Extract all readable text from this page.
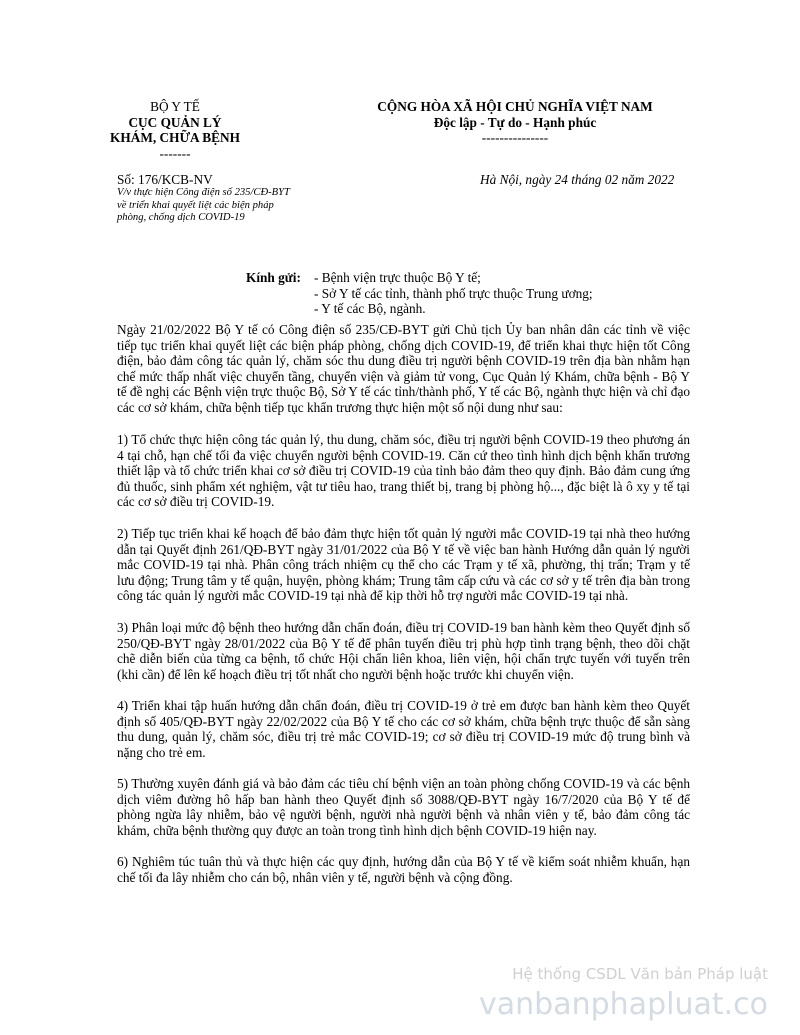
BỘ Y TẾ
CỤC QUẢN LÝ
KHÁM, CHỮA BỆNH
-------
CỘNG HÒA XÃ HỘI CHỦ NGHĨA VIỆT NAM
Độc lập - Tự do - Hạnh phúc
---------------
Số: 176/KCB-NV
V/v thực hiện Công điện số 235/CĐ-BYT
về triển khai quyết liệt các biện pháp
phòng, chống dịch COVID-19
Hà Nội, ngày 24 tháng 02 năm 2022
Kính gửi: - Bệnh viện trực thuộc Bộ Y tế;
- Sở Y tế các tỉnh, thành phố trực thuộc Trung ương;
- Y tế các Bộ, ngành.

Ngày 21/02/2022 Bộ Y tế có Công điện số 235/CĐ-BYT gửi Chủ tịch Ủy ban nhân dân các tỉnh về việc tiếp tục triển khai quyết liệt các biện pháp phòng, chống dịch COVID-19, để triển khai thực hiện tốt Công điện, bảo đảm công tác quản lý, chăm sóc thu dung điều trị người bệnh COVID-19 trên địa bàn nhằm hạn chế mức thấp nhất việc chuyển tầng, chuyển viện và giảm tử vong, Cục Quản lý Khám, chữa bệnh - Bộ Y tế đề nghị các Bệnh viện trực thuộc Bộ, Sở Y tế các tỉnh/thành phố, Y tế các Bộ, ngành thực hiện và chỉ đạo các cơ sở khám, chữa bệnh tiếp tục khẩn trương thực hiện một số nội dung như sau:

1) Tổ chức thực hiện công tác quản lý, thu dung, chăm sóc, điều trị người bệnh COVID-19 theo phương án 4 tại chỗ, hạn chế tối đa việc chuyển người bệnh COVID-19. Căn cứ theo tình hình dịch bệnh khẩn trương thiết lập và tổ chức triển khai cơ sở điều trị COVID-19 của tỉnh bảo đảm theo quy định. Bảo đảm cung ứng đủ thuốc, sinh phẩm xét nghiệm, vật tư tiêu hao, trang thiết bị, trang bị phòng hộ..., đặc biệt là ô xy y tế tại các cơ sở điều trị COVID-19.

2) Tiếp tục triển khai kế hoạch để bảo đảm thực hiện tốt quản lý người mắc COVID-19 tại nhà theo hướng dẫn tại Quyết định 261/QĐ-BYT ngày 31/01/2022 của Bộ Y tế về việc ban hành Hướng dẫn quản lý người mắc COVID-19 tại nhà. Phân công trách nhiệm cụ thể cho các Trạm y tế xã, phường, thị trấn; Trạm y tế lưu động; Trung tâm y tế quận, huyện, phòng khám; Trung tâm cấp cứu và các cơ sở y tế trên địa bàn trong công tác quản lý người mắc COVID-19 tại nhà để kịp thời hỗ trợ người mắc COVID-19 tại nhà.

3) Phân loại mức độ bệnh theo hướng dẫn chẩn đoán, điều trị COVID-19 ban hành kèm theo Quyết định số 250/QĐ-BYT ngày 28/01/2022 của Bộ Y tế để phân tuyến điều trị phù hợp tình trạng bệnh, theo dõi chặt chẽ diễn biến của từng ca bệnh, tổ chức Hội chẩn liên khoa, liên viện, hội chẩn trực tuyến với tuyến trên (khi cần) để lên kế hoạch điều trị tốt nhất cho người bệnh hoặc trước khi chuyển viện.

4) Triển khai tập huấn hướng dẫn chẩn đoán, điều trị COVID-19 ở trẻ em được ban hành kèm theo Quyết định số 405/QĐ-BYT ngày 22/02/2022 của Bộ Y tế cho các cơ sở khám, chữa bệnh trực thuộc để sẵn sàng thu dung, quản lý, chăm sóc, điều trị trẻ mắc COVID-19; cơ sở điều trị COVID-19 mức độ trung bình và nặng cho trẻ em.

5) Thường xuyên đánh giá và bảo đảm các tiêu chí bệnh viện an toàn phòng chống COVID-19 và các bệnh dịch viêm đường hô hấp ban hành theo Quyết định số 3088/QĐ-BYT ngày 16/7/2020 của Bộ Y tế để phòng ngừa lây nhiễm, bảo vệ người bệnh, người nhà người bệnh và nhân viên y tế, bảo đảm công tác khám, chữa bệnh thường quy được an toàn trong tình hình dịch bệnh COVID-19 hiện nay.

6) Nghiêm túc tuân thủ và thực hiện các quy định, hướng dẫn của Bộ Y tế về kiểm soát nhiễm khuẩn, hạn chế tối đa lây nhiễm cho cán bộ, nhân viên y tế, người bệnh và cộng đồng.

Hệ thống CSDL Văn bản Pháp luật
vanbanphapluat.co
